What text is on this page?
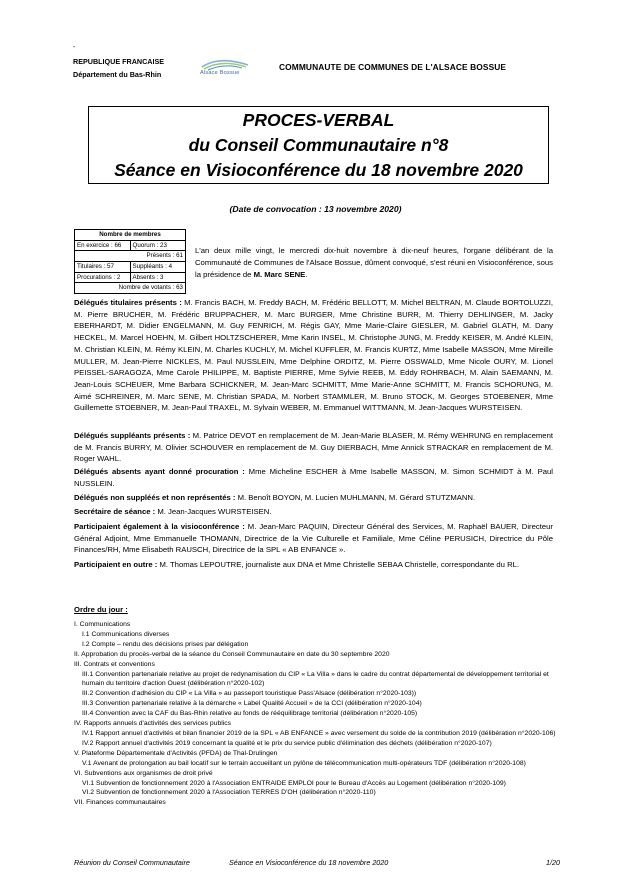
-
REPUBLIQUE FRANCAISE
Département du Bas-Rhin	Alsace Bossue
COMMUNAUTE DE COMMUNES DE L'ALSACE BOSSUE
PROCES-VERBAL
du Conseil Communautaire n°8
Séance en Visioconférence du 18 novembre 2020
(Date de convocation : 13 novembre 2020)
Nombre de membres
En exercice : 66	Quorum : 23
Présents : 61
Titulaires : 57	Suppléants : 4
Procurations : 2	Absents : 3
Nombre de votants : 63
L'an deux mille vingt, le mercredi dix-huit novembre à dix-neuf heures, l'organe délibérant de la Communauté de Communes de l'Alsace Bossue, dûment convoqué, s'est réuni en Visioconférence, sous la présidence de M. Marc SENE.
Délégués titulaires présents : M. Francis BACH, M. Freddy BACH, M. Frédéric BELLOTT, M. Michel BELTRAN, M. Claude BORTOLUZZI, M. Pierre BRUCHER, M. Frédéric BRUPPACHER, M. Marc BURGER, Mme Christine BURR, M. Thierry DEHLINGER, M. Jacky EBERHARDT, M. Didier ENGELMANN, M. Guy FENRICH, M. Régis GAY, Mme Marie-Claire GIESLER, M. Gabriel GLATH, M. Dany HECKEL, M. Marcel HOEHN, M. Gilbert HOLTZSCHERER, Mme Karin INSEL, M. Christophe JUNG, M. Freddy KEISER, M. André KLEIN, M. Christian KLEIN, M. Rémy KLEIN, M. Charles KUCHLY, M. Michel KUFFLER, M. Francis KURTZ, Mme Isabelle MASSON, Mme Mireille MULLER, M. Jean-Pierre NICKLES, M. Paul NUSSLEIN, Mme Delphine ORDITZ, M. Pierre OSSWALD, Mme Nicole OURY, M. Lionel PEISSEL-SARAGOZA, Mme Carole PHILIPPE, M. Baptiste PIERRE, Mme Sylvie REEB, M. Eddy ROHRBACH, M. Alain SAEMANN, M. Jean-Louis SCHEUER, Mme Barbara SCHICKNER, M. Jean-Marc SCHMITT, Mme Marie-Anne SCHMITT, M. Francis SCHORUNG, M. Aimé SCHREINER, M. Marc SENE, M. Christian SPADA, M. Norbert STAMMLER, M. Bruno STOCK, M. Georges STOEBENER, Mme Guillemette STOEBNER, M. Jean-Paul TRAXEL, M. Sylvain WEBER, M. Emmanuel WITTMANN, M. Jean-Jacques WURSTEISEN.
Délégués suppléants présents : M. Patrice DEVOT en remplacement de M. Jean-Marie BLASER, M. Rémy WEHRUNG en remplacement de M. Francis BURRY, M. Olivier SCHOUVER en remplacement de M. Guy DIERBACH, Mme Annick STRACKAR en remplacement de M. Roger WAHL.
Délégués absents ayant donné procuration : Mme Micheline ESCHER à Mme Isabelle MASSON, M. Simon SCHMIDT à M. Paul NUSSLEIN.
Délégués non suppléés et non représentés : M. Benoît BOYON, M. Lucien MUHLMANN, M. Gérard STUTZMANN.
Secrétaire de séance : M. Jean-Jacques WURSTEISEN.
Participaient également à la visioconférence : M. Jean-Marc PAQUIN, Directeur Général des Services, M. Raphaël BAUER, Directeur Général Adjoint, Mme Emmanuelle THOMANN, Directrice de la Vie Culturelle et Familiale, Mme Céline PERUSICH, Directrice du Pôle Finances/RH, Mme Elisabeth RAUSCH, Directrice de la SPL « AB ENFANCE ».
Participaient en outre : M. Thomas LEPOUTRE, journaliste aux DNA et Mme Christelle SEBAA Christelle, correspondante du RL.
Ordre du jour :
I. Communications
I.1 Communications diverses
I.2 Compte – rendu des décisions prises par délégation
II. Approbation du procès-verbal de la séance du Conseil Communautaire en date du 30 septembre 2020
III. Contrats et conventions
III.1 Convention partenariale relative au projet de redynamisation du CIP « La Villa » dans le cadre du contrat départemental de développement territorial et humain du territoire d'action Ouest (délibération n°2020-102)
III.2 Convention d'adhésion du CIP « La Villa » au passeport touristique Pass'Alsace (délibération n°2020-103))
III.3 Convention partenariale relative à la démarche « Label Qualité Accueil » de la CCI (délibération n°2020-104)
III.4 Convention avec la CAF du Bas-Rhin relative au fonds de rééquilibrage territorial (délibération n°2020-105)
IV. Rapports annuels d'activités des services publics
IV.1 Rapport annuel d'activités et bilan financier 2019 de la SPL « AB ENFANCE » avec versement du solde de la contribution 2019 (délibération n°2020-106)
IV.2 Rapport annuel d'activités 2019 concernant la qualité et le prix du service public d'élimination des déchets (délibération n°2020-107)
V. Plateforme Départementale d'Activités (PFDA) de Thal-Drulingen
V.1 Avenant de prolongation au bail locatif sur le terrain accueillant un pylône de télécommunication multi-opérateurs TDF (délibération n°2020-108)
VI. Subventions aux organismes de droit privé
VI.1 Subvention de fonctionnement 2020 à l'Association ENTRAIDE EMPLOI pour le Bureau d'Accès au Logement (délibération n°2020-109)
VI.2 Subvention de fonctionnement 2020 à l'Association TERRES D'OH (délibération n°2020-110)
VII. Finances communautaires
Réunion du Conseil Communautaire	Séance en Visioconférence du 18 novembre 2020	1/20
